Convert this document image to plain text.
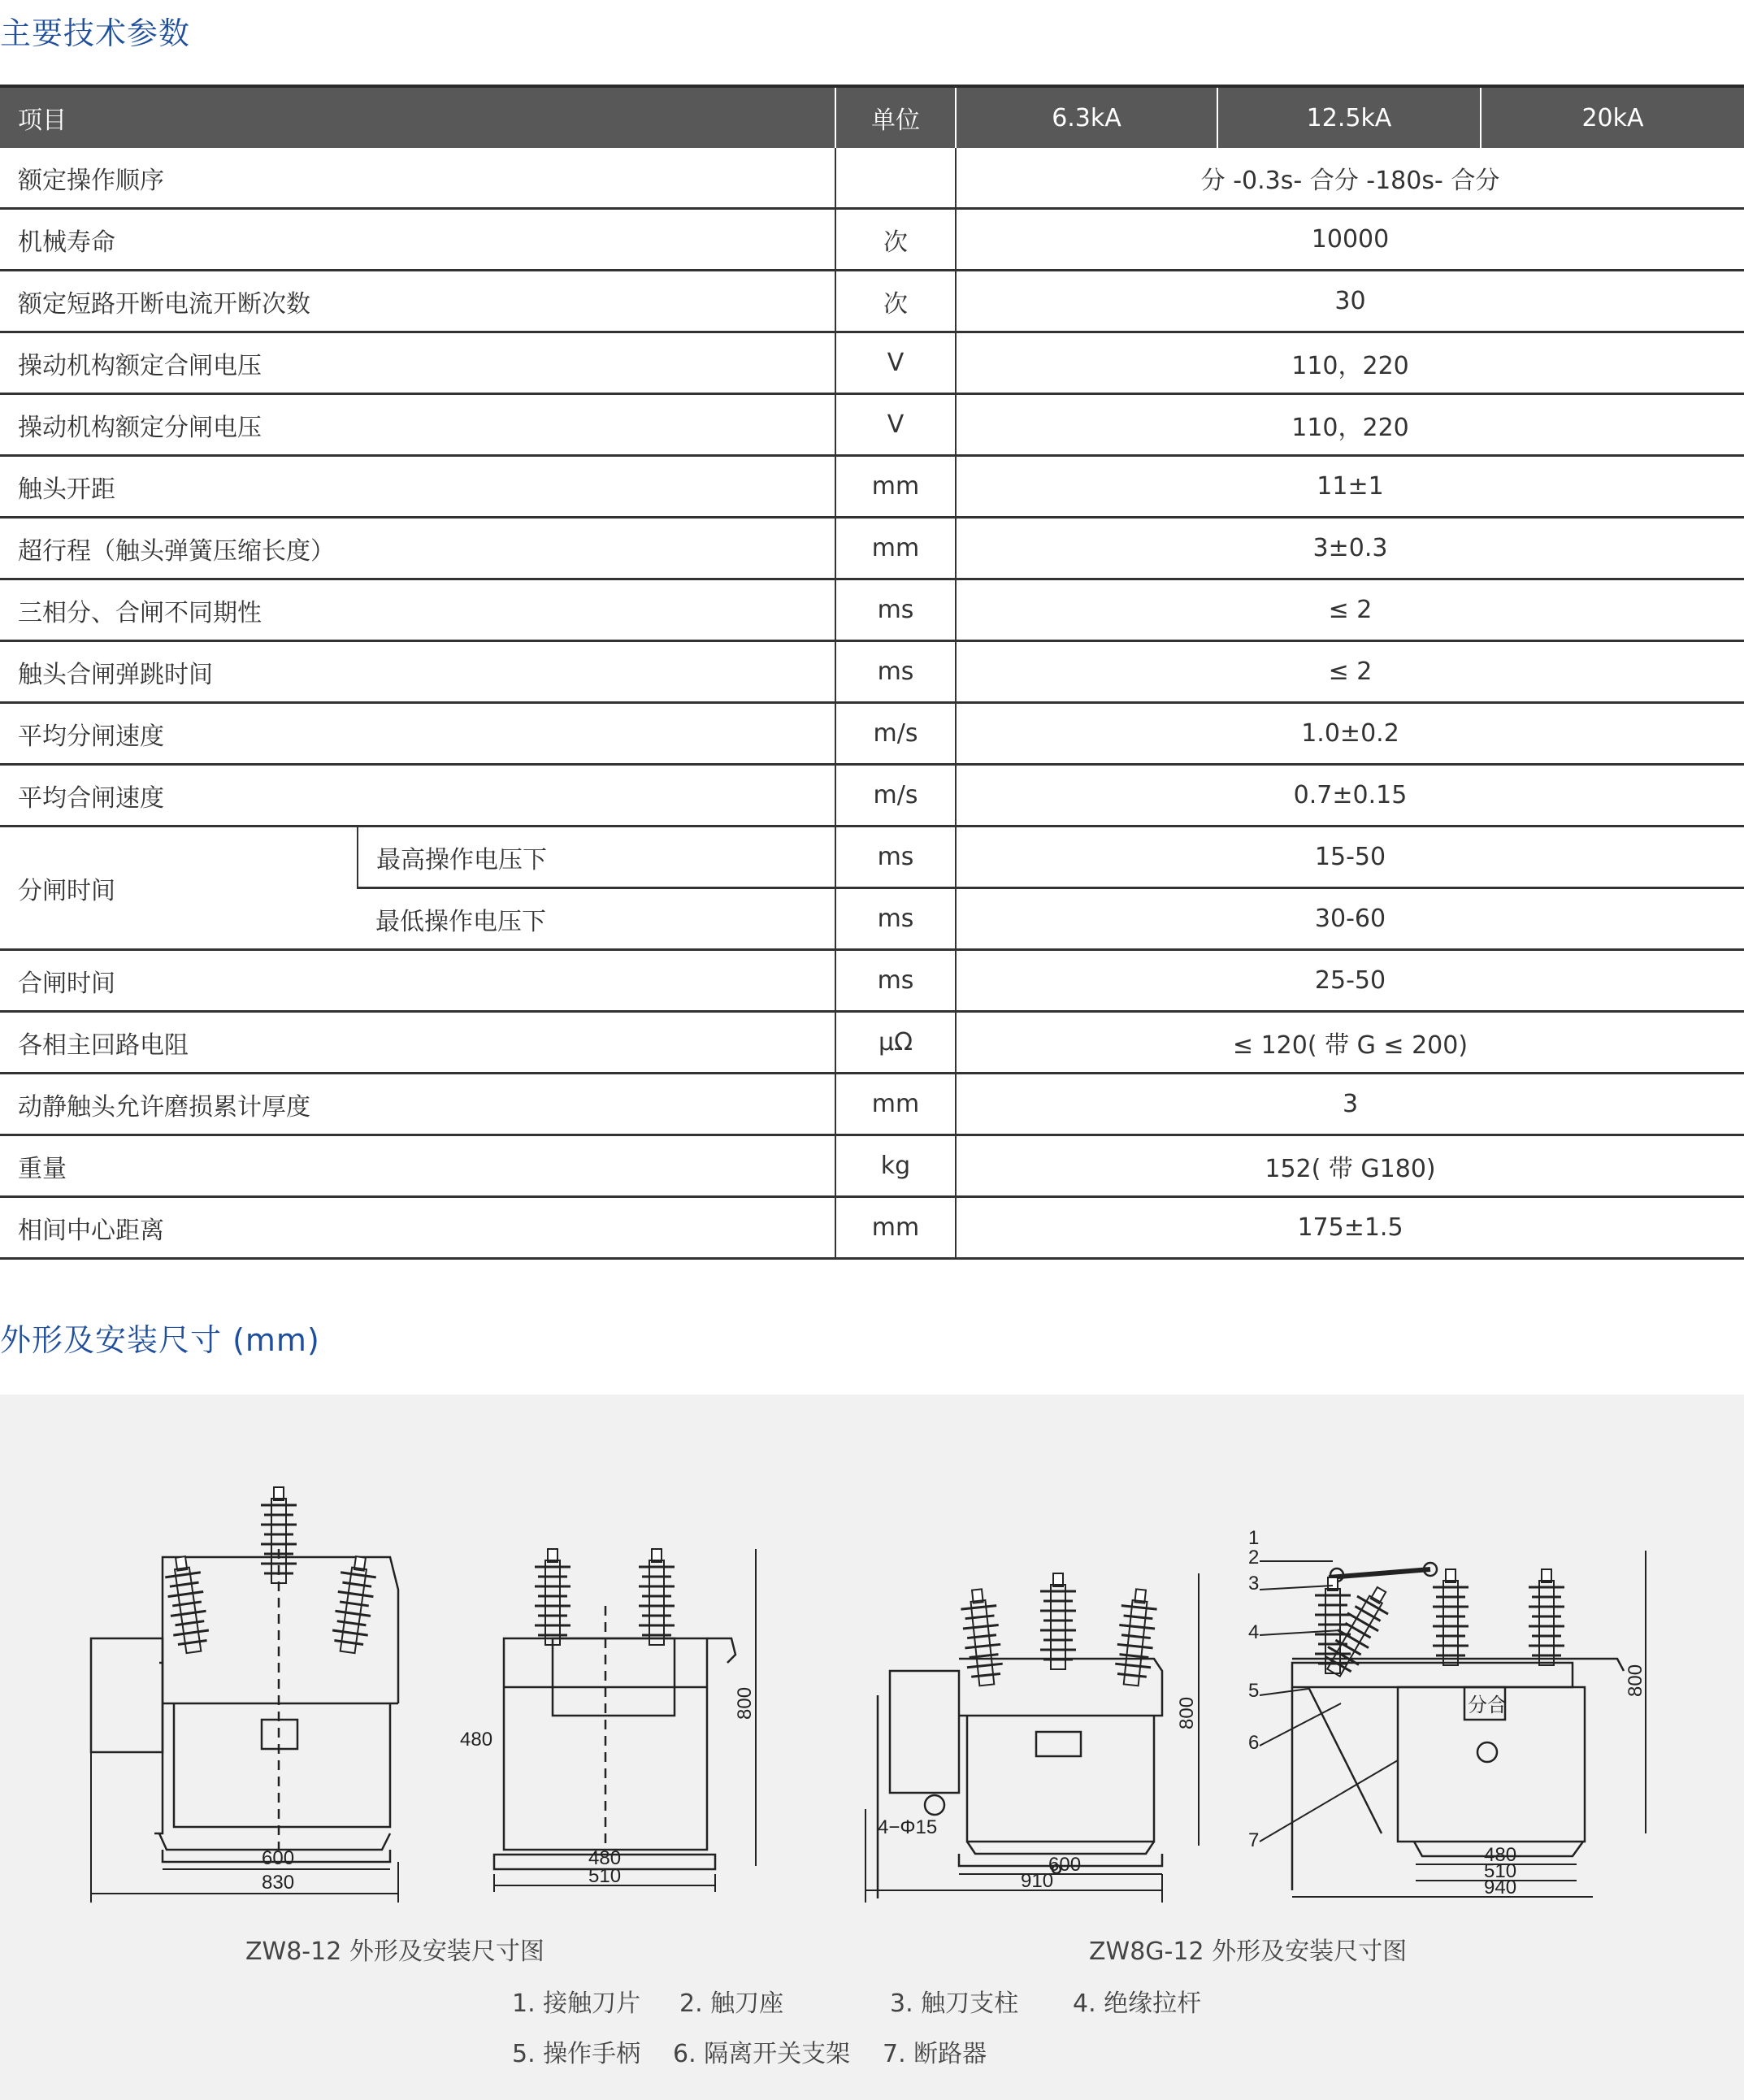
主要技术参数
项目		单位	6.3kA	12.5kA	20kA
额定操作顺序			分 -0.3s- 合分 -180s- 合分		
机械寿命		次	10000		
额定短路开断电流开断次数		次	30		
操动机构额定合闸电压		V	110，220		
操动机构额定分闸电压		V	110，220		
触头开距		mm	11±1		
超行程（触头弹簧压缩长度）		mm	3±0.3		
三相分、合闸不同期性		ms	≤ 2		
触头合闸弹跳时间		ms	≤ 2		
平均分闸速度		m/s	1.0±0.2		
平均合闸速度		m/s	0.7±0.15		
分闸时间	最高操作电压下	ms	15-50		
	最低操作电压下	ms	30-60		
合闸时间		ms	25-50		
各相主回路电阻		μΩ	≤ 120( 带 G ≤ 200)		
动静触头允许磨损累计厚度		mm	3		
重量		kg	152( 带 G180)		
相间中心距离		mm	175±1.5		
外形及安装尺寸 (mm)
600
830
480
480
510
800
4−Φ15
600
910
800	分合
480
510
940
800
1
2
3
4
5
6
7
ZW8-12 外形及安装尺寸图	ZW8G-12 外形及安装尺寸图
1. 接触刀片 2. 触刀座	3. 触刀支柱 4. 绝缘拉杆
5. 操作手柄 6. 隔离开关支架 7. 断路器
